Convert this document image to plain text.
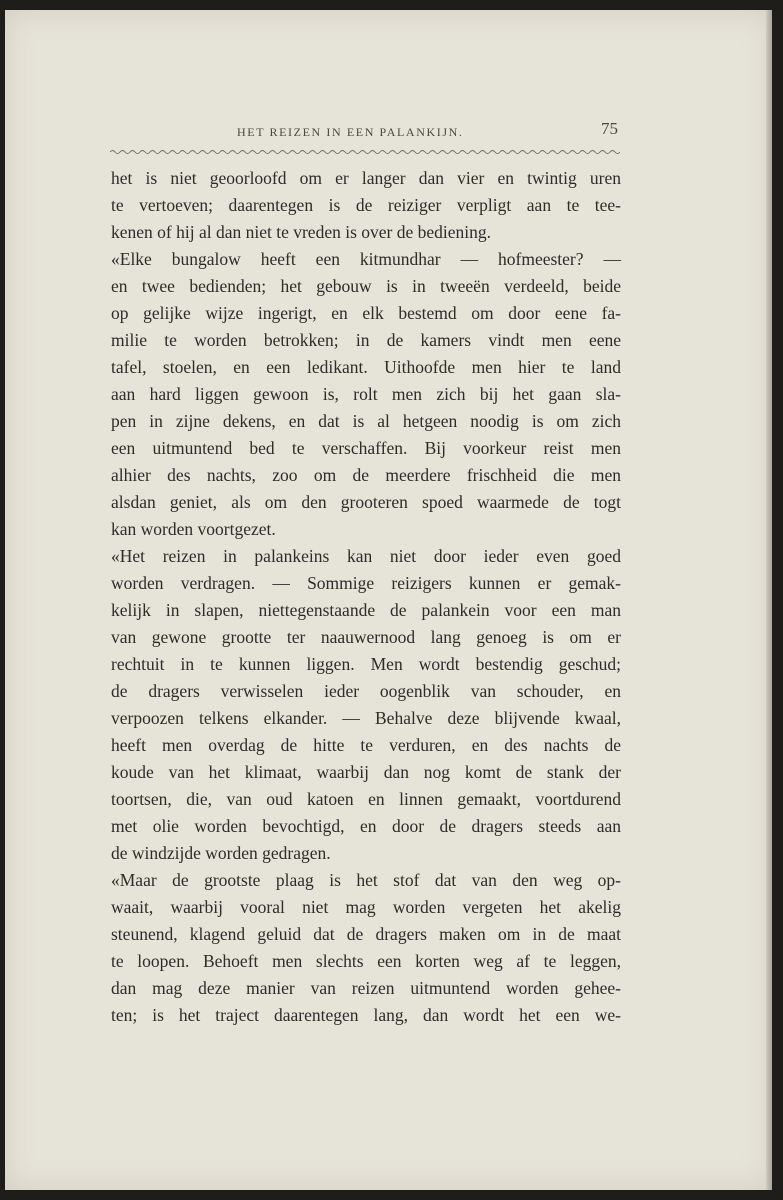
HET REIZEN IN EEN PALANKIJN.	75
het is niet geoorloofd om er langer dan vier en twintig uren
te vertoeven; daarentegen is de reiziger verpligt aan te tee-
kenen of hij al dan niet te vreden is over de bediening.
«Elke bungalow heeft een kitmundhar — hofmeester? —
en twee bedienden; het gebouw is in tweeën verdeeld, beide
op gelijke wijze ingerigt, en elk bestemd om door eene fa-
milie te worden betrokken; in de kamers vindt men eene
tafel, stoelen, en een ledikant. Uithoofde men hier te land
aan hard liggen gewoon is, rolt men zich bij het gaan sla-
pen in zijne dekens, en dat is al hetgeen noodig is om zich
een uitmuntend bed te verschaffen. Bij voorkeur reist men
alhier des nachts, zoo om de meerdere frischheid die men
alsdan geniet, als om den grooteren spoed waarmede de togt
kan worden voortgezet.
«Het reizen in palankeins kan niet door ieder even goed
worden verdragen. — Sommige reizigers kunnen er gemak-
kelijk in slapen, niettegenstaande de palankein voor een man
van gewone grootte ter naauwernood lang genoeg is om er
rechtuit in te kunnen liggen. Men wordt bestendig geschud;
de dragers verwisselen ieder oogenblik van schouder, en
verpoozen telkens elkander. — Behalve deze blijvende kwaal,
heeft men overdag de hitte te verduren, en des nachts de
koude van het klimaat, waarbij dan nog komt de stank der
toortsen, die, van oud katoen en linnen gemaakt, voortdurend
met olie worden bevochtigd, en door de dragers steeds aan
de windzijde worden gedragen.
«Maar de grootste plaag is het stof dat van den weg op-
waait, waarbij vooral niet mag worden vergeten het akelig
steunend, klagend geluid dat de dragers maken om in de maat
te loopen. Behoeft men slechts een korten weg af te leggen,
dan mag deze manier van reizen uitmuntend worden gehee-
ten; is het traject daarentegen lang, dan wordt het een we-
